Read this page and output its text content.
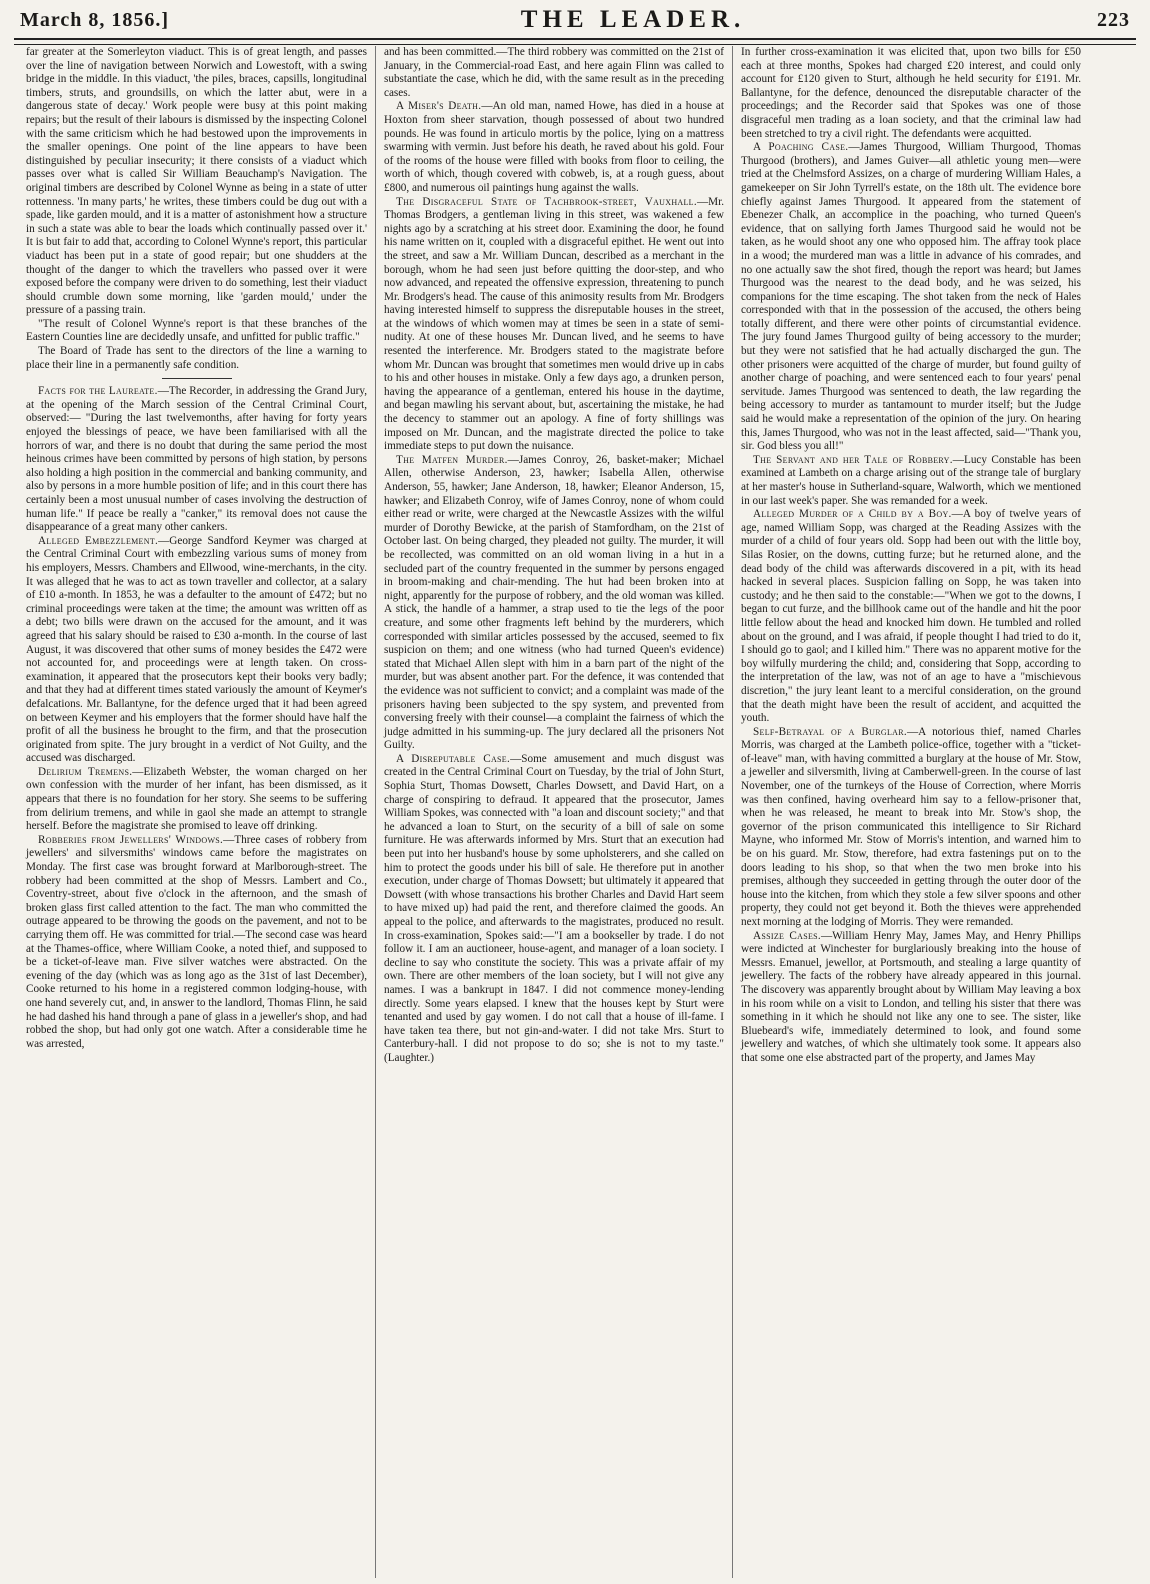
March 8, 1856.]	THE LEADER.	223

far greater at the Somerleyton viaduct. This is of great length, and passes over the line of navigation between Norwich and Lowestoft, with a swing bridge in the middle. In this viaduct, 'the piles, braces, capsills, longitudinal timbers, struts, and groundsills, on which the latter abut, were in a dangerous state of decay.' Work people were busy at this point making repairs; but the result of their labours is dismissed by the inspecting Colonel with the same criticism which he had bestowed upon the improvements in the smaller openings. One point of the line appears to have been distinguished by peculiar insecurity; it there consists of a viaduct which passes over what is called Sir William Beauchamp's Navigation. The original timbers are described by Colonel Wynne as being in a state of utter rottenness. 'In many parts,' he writes, these timbers could be dug out with a spade, like garden mould, and it is a matter of astonishment how a structure in such a state was able to bear the loads which continually passed over it.' It is but fair to add that, according to Colonel Wynne's report, this particular viaduct has been put in a state of good repair; but one shudders at the thought of the danger to which the travellers who passed over it were exposed before the company were driven to do something, lest their viaduct should crumble down some morning, like 'garden mould,' under the pressure of a passing train.

"The result of Colonel Wynne's report is that these branches of the Eastern Counties line are decidedly unsafe, and unfitted for public traffic."

The Board of Trade has sent to the directors of the line a warning to place their line in a permanently safe condition.

Facts for the Laureate.—The Recorder, in addressing the Grand Jury, at the opening of the March session of the Central Criminal Court, observed:— "During the last twelvemonths, after having for forty years enjoyed the blessings of peace, we have been familiarised with all the horrors of war, and there is no doubt that during the same period the most heinous crimes have been committed by persons of high station, by persons also holding a high position in the commercial and banking community, and also by persons in a more humble position of life; and in this court there has certainly been a most unusual number of cases involving the destruction of human life." If peace be really a "canker," its removal does not cause the disappearance of a great many other cankers.

Alleged Embezzlement.—George Sandford Keymer was charged at the Central Criminal Court with embezzling various sums of money from his employers, Messrs. Chambers and Ellwood, wine-merchants, in the city. It was alleged that he was to act as town traveller and collector, at a salary of £10 a-month. In 1853, he was a defaulter to the amount of £472; but no criminal proceedings were taken at the time; the amount was written off as a debt; two bills were drawn on the accused for the amount, and it was agreed that his salary should be raised to £30 a-month. In the course of last August, it was discovered that other sums of money besides the £472 were not accounted for, and proceedings were at length taken. On cross-examination, it appeared that the prosecutors kept their books very badly; and that they had at different times stated variously the amount of Keymer's defalcations. Mr. Ballantyne, for the defence urged that it had been agreed on between Keymer and his employers that the former should have half the profit of all the business he brought to the firm, and that the prosecution originated from spite. The jury brought in a verdict of Not Guilty, and the accused was discharged.

Delirium Tremens.—Elizabeth Webster, the woman charged on her own confession with the murder of her infant, has been dismissed, as it appears that there is no foundation for her story. She seems to be suffering from delirium tremens, and while in gaol she made an attempt to strangle herself. Before the magistrate she promised to leave off drinking.

Robberies from Jewellers' Windows.—Three cases of robbery from jewellers' and silversmiths' windows came before the magistrates on Monday. The first case was brought forward at Marlborough-street. The robbery had been committed at the shop of Messrs. Lambert and Co., Coventry-street, about five o'clock in the afternoon, and the smash of broken glass first called attention to the fact. The man who committed the outrage appeared to be throwing the goods on the pavement, and not to be carrying them off. He was committed for trial.—The second case was heard at the Thames-office, where William Cooke, a noted thief, and supposed to be a ticket-of-leave man. Five silver watches were abstracted. On the evening of the day (which was as long ago as the 31st of last December), Cooke returned to his home in a registered common lodging-house, with one hand severely cut, and, in answer to the landlord, Thomas Flinn, he said he had dashed his hand through a pane of glass in a jeweller's shop, and had robbed the shop, but had only got one watch. After a considerable time he was arrested,

and has been committed.—The third robbery was committed on the 21st of January, in the Commercial-road East, and here again Flinn was called to substantiate the case, which he did, with the same result as in the preceding cases.

A Miser's Death.—An old man, named Howe, has died in a house at Hoxton from sheer starvation, though possessed of about two hundred pounds. He was found in articulo mortis by the police, lying on a mattress swarming with vermin. Just before his death, he raved about his gold. Four of the rooms of the house were filled with books from floor to ceiling, the worth of which, though covered with cobweb, is, at a rough guess, about £800, and numerous oil paintings hung against the walls.

The Disgraceful State of Tachbrook-street, Vauxhall.—Mr. Thomas Brodgers, a gentleman living in this street, was wakened a few nights ago by a scratching at his street door. Examining the door, he found his name written on it, coupled with a disgraceful epithet. He went out into the street, and saw a Mr. William Duncan, described as a merchant in the borough, whom he had seen just before quitting the door-step, and who now advanced, and repeated the offensive expression, threatening to punch Mr. Brodgers's head. The cause of this animosity results from Mr. Brodgers having interested himself to suppress the disreputable houses in the street, at the windows of which women may at times be seen in a state of semi-nudity. At one of these houses Mr. Duncan lived, and he seems to have resented the interference. Mr. Brodgers stated to the magistrate before whom Mr. Duncan was brought that sometimes men would drive up in cabs to his and other houses in mistake. Only a few days ago, a drunken person, having the appearance of a gentleman, entered his house in the daytime, and began mawling his servant about, but, ascertaining the mistake, he had the decency to stammer out an apology. A fine of forty shillings was imposed on Mr. Duncan, and the magistrate directed the police to take immediate steps to put down the nuisance.

The Matfen Murder.—James Conroy, 26, basket-maker; Michael Allen, otherwise Anderson, 23, hawker; Isabella Allen, otherwise Anderson, 55, hawker; Jane Anderson, 18, hawker; Eleanor Anderson, 15, hawker; and Elizabeth Conroy, wife of James Conroy, none of whom could either read or write, were charged at the Newcastle Assizes with the wilful murder of Dorothy Bewicke, at the parish of Stamfordham, on the 21st of October last. On being charged, they pleaded not guilty. The murder, it will be recollected, was committed on an old woman living in a hut in a secluded part of the country frequented in the summer by persons engaged in broom-making and chair-mending. The hut had been broken into at night, apparently for the purpose of robbery, and the old woman was killed. A stick, the handle of a hammer, a strap used to tie the legs of the poor creature, and some other fragments left behind by the murderers, which corresponded with similar articles possessed by the accused, seemed to fix suspicion on them; and one witness (who had turned Queen's evidence) stated that Michael Allen slept with him in a barn part of the night of the murder, but was absent another part. For the defence, it was contended that the evidence was not sufficient to convict; and a complaint was made of the prisoners having been subjected to the spy system, and prevented from conversing freely with their counsel—a complaint the fairness of which the judge admitted in his summing-up. The jury declared all the prisoners Not Guilty.

A Disreputable Case.—Some amusement and much disgust was created in the Central Criminal Court on Tuesday, by the trial of John Sturt, Sophia Sturt, Thomas Dowsett, Charles Dowsett, and David Hart, on a charge of conspiring to defraud. It appeared that the prosecutor, James William Spokes, was connected with "a loan and discount society;" and that he advanced a loan to Sturt, on the security of a bill of sale on some furniture. He was afterwards informed by Mrs. Sturt that an execution had been put into her husband's house by some upholsterers, and she called on him to protect the goods under his bill of sale. He therefore put in another execution, under charge of Thomas Dowsett; but ultimately it appeared that Dowsett (with whose transactions his brother Charles and David Hart seem to have mixed up) had paid the rent, and therefore claimed the goods. An appeal to the police, and afterwards to the magistrates, produced no result. In cross-examination, Spokes said:—"I am a bookseller by trade. I do not follow it. I am an auctioneer, house-agent, and manager of a loan society. I decline to say who constitute the society. This was a private affair of my own. There are other members of the loan society, but I will not give any names. I was a bankrupt in 1847. I did not commence money-lending directly. Some years elapsed. I knew that the houses kept by Sturt were tenanted and used by gay women. I do not call that a house of ill-fame. I have taken tea there, but not gin-and-water. I did not take Mrs. Sturt to Canterbury-hall. I did not propose to do so; she is not to my taste." (Laughter.)

In further cross-examination it was elicited that, upon two bills for £50 each at three months, Spokes had charged £20 interest, and could only account for £120 given to Sturt, although he held security for £191. Mr. Ballantyne, for the defence, denounced the disreputable character of the proceedings; and the Recorder said that Spokes was one of those disgraceful men trading as a loan society, and that the criminal law had been stretched to try a civil right. The defendants were acquitted.

A Poaching Case.—James Thurgood, William Thurgood, Thomas Thurgood (brothers), and James Guiver—all athletic young men—were tried at the Chelmsford Assizes, on a charge of murdering William Hales, a gamekeeper on Sir John Tyrrell's estate, on the 18th ult. The evidence bore chiefly against James Thurgood. It appeared from the statement of Ebenezer Chalk, an accomplice in the poaching, who turned Queen's evidence, that on sallying forth James Thurgood said he would not be taken, as he would shoot any one who opposed him. The affray took place in a wood; the murdered man was a little in advance of his comrades, and no one actually saw the shot fired, though the report was heard; but James Thurgood was the nearest to the dead body, and he was seized, his companions for the time escaping. The shot taken from the neck of Hales corresponded with that in the possession of the accused, the others being totally different, and there were other points of circumstantial evidence. The jury found James Thurgood guilty of being accessory to the murder; but they were not satisfied that he had actually discharged the gun. The other prisoners were acquitted of the charge of murder, but found guilty of another charge of poaching, and were sentenced each to four years' penal servitude. James Thurgood was sentenced to death, the law regarding the being accessory to murder as tantamount to murder itself; but the Judge said he would make a representation of the opinion of the jury. On hearing this, James Thurgood, who was not in the least affected, said—"Thank you, sir. God bless you all!"

The Servant and her Tale of Robbery.—Lucy Constable has been examined at Lambeth on a charge arising out of the strange tale of burglary at her master's house in Sutherland-square, Walworth, which we mentioned in our last week's paper. She was remanded for a week.

Alleged Murder of a Child by a Boy.—A boy of twelve years of age, named William Sopp, was charged at the Reading Assizes with the murder of a child of four years old. Sopp had been out with the little boy, Silas Rosier, on the downs, cutting furze; but he returned alone, and the dead body of the child was afterwards discovered in a pit, with its head hacked in several places. Suspicion falling on Sopp, he was taken into custody; and he then said to the constable:—"When we got to the downs, I began to cut furze, and the billhook came out of the handle and hit the poor little fellow about the head and knocked him down. He tumbled and rolled about on the ground, and I was afraid, if people thought I had tried to do it, I should go to gaol; and I killed him." There was no apparent motive for the boy wilfully murdering the child; and, considering that Sopp, according to the interpretation of the law, was not of an age to have a "mischievous discretion," the jury leant leant to a merciful consideration, on the ground that the death might have been the result of accident, and acquitted the youth.

Self-Betrayal of a Burglar.—A notorious thief, named Charles Morris, was charged at the Lambeth police-office, together with a "ticket-of-leave" man, with having committed a burglary at the house of Mr. Stow, a jeweller and silversmith, living at Camberwell-green. In the course of last November, one of the turnkeys of the House of Correction, where Morris was then confined, having overheard him say to a fellow-prisoner that, when he was released, he meant to break into Mr. Stow's shop, the governor of the prison communicated this intelligence to Sir Richard Mayne, who informed Mr. Stow of Morris's intention, and warned him to be on his guard. Mr. Stow, therefore, had extra fastenings put on to the doors leading to his shop, so that when the two men broke into his premises, although they succeeded in getting through the outer door of the house into the kitchen, from which they stole a few silver spoons and other property, they could not get beyond it. Both the thieves were apprehended next morning at the lodging of Morris. They were remanded.

Assize Cases.—William Henry May, James May, and Henry Phillips were indicted at Winchester for burglariously breaking into the house of Messrs. Emanuel, jewellor, at Portsmouth, and stealing a large quantity of jewellery. The facts of the robbery have already appeared in this journal. The discovery was apparently brought about by William May leaving a box in his room while on a visit to London, and telling his sister that there was something in it which he should not like any one to see. The sister, like Bluebeard's wife, immediately determined to look, and found some jewellery and watches, of which she ultimately took some. It appears also that some one else abstracted part of the property, and James May
